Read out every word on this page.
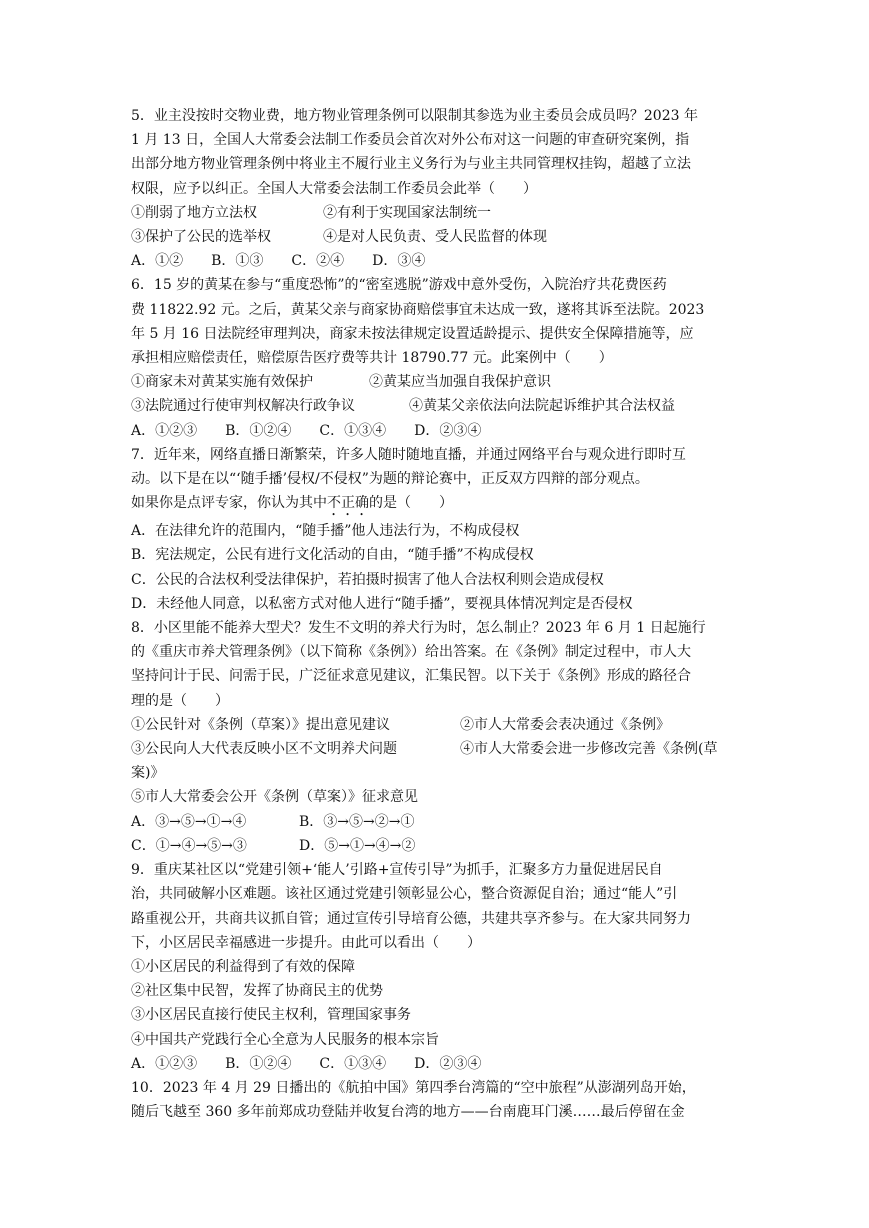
5．业主没按时交物业费，地方物业管理条例可以限制其参选为业主委员会成员吗？2023 年
1 月 13 日，全国人大常委会法制工作委员会首次对外公布对这一问题的审查研究案例，指
出部分地方物业管理条例中将业主不履行业主义务行为与业主共同管理权挂钩，超越了立法
权限，应予以纠正。全国人大常委会法制工作委员会此举（　　）
①削弱了地方立法权	②有利于实现国家法制统一
③保护了公民的选举权	④是对人民负责、受人民监督的体现
A．①②　　B．①③　　C．②④　　D．③④
6．15 岁的黄某在参与“重度恐怖”的“密室逃脱”游戏中意外受伤，入院治疗共花费医药
费 11822.92 元。之后，黄某父亲与商家协商赔偿事宜未达成一致，遂将其诉至法院。2023
年 5 月 16 日法院经审理判决，商家未按法律规定设置适龄提示、提供安全保障措施等，应
承担相应赔偿责任，赔偿原告医疗费等共计 18790.77 元。此案例中（　　）
①商家未对黄某实施有效保护	②黄某应当加强自我保护意识
③法院通过行使审判权解决行政争议	④黄某父亲依法向法院起诉维护其合法权益
A．①②③　　B．①②④　　C．①③④　　D．②③④
7．近年来，网络直播日渐繁荣，许多人随时随地直播，并通过网络平台与观众进行即时互
动。以下是在以“‘随手播’侵权/不侵权”为题的辩论赛中，正反双方四辩的部分观点。
如果你是点评专家，你认为其中不正确的是（　　）
A．在法律允许的范围内，“随手播”他人违法行为，不构成侵权
B．宪法规定，公民有进行文化活动的自由，“随手播”不构成侵权
C．公民的合法权利受法律保护，若拍摄时损害了他人合法权利则会造成侵权
D．未经他人同意，以私密方式对他人进行“随手播”，要视具体情况判定是否侵权
8．小区里能不能养大型犬？发生不文明的养犬行为时，怎么制止？2023 年 6 月 1 日起施行
的《重庆市养犬管理条例》（以下简称《条例》）给出答案。在《条例》制定过程中，市人大
坚持问计于民、问需于民，广泛征求意见建议，汇集民智。以下关于《条例》形成的路径合
理的是（　　）
①公民针对《条例（草案）》提出意见建议	②市人大常委会表决通过《条例》
③公民向人大代表反映小区不文明养犬问题	④市人大常委会进一步修改完善《条例(草
案)》
⑤市人大常委会公开《条例（草案）》征求意见
A．③→⑤→①→④	B．③→⑤→②→①
C．①→④→⑤→③	D．⑤→①→④→②
9．重庆某社区以“党建引领+‘能人’引路+宣传引导”为抓手，汇聚多方力量促进居民自
治，共同破解小区难题。该社区通过党建引领彰显公心，整合资源促自治；通过“能人”引
路重视公开，共商共议抓自管；通过宣传引导培育公德，共建共享齐参与。在大家共同努力
下，小区居民幸福感进一步提升。由此可以看出（　　）
①小区居民的利益得到了有效的保障
②社区集中民智，发挥了协商民主的优势
③小区居民直接行使民主权利，管理国家事务
④中国共产党践行全心全意为人民服务的根本宗旨
A．①②③　　B．①②④　　C．①③④　　D．②③④
10．2023 年 4 月 29 日播出的《航拍中国》第四季台湾篇的“空中旅程”从澎湖列岛开始，
随后飞越至 360 多年前郑成功登陆并收复台湾的地方——台南鹿耳门溪……最后停留在金
